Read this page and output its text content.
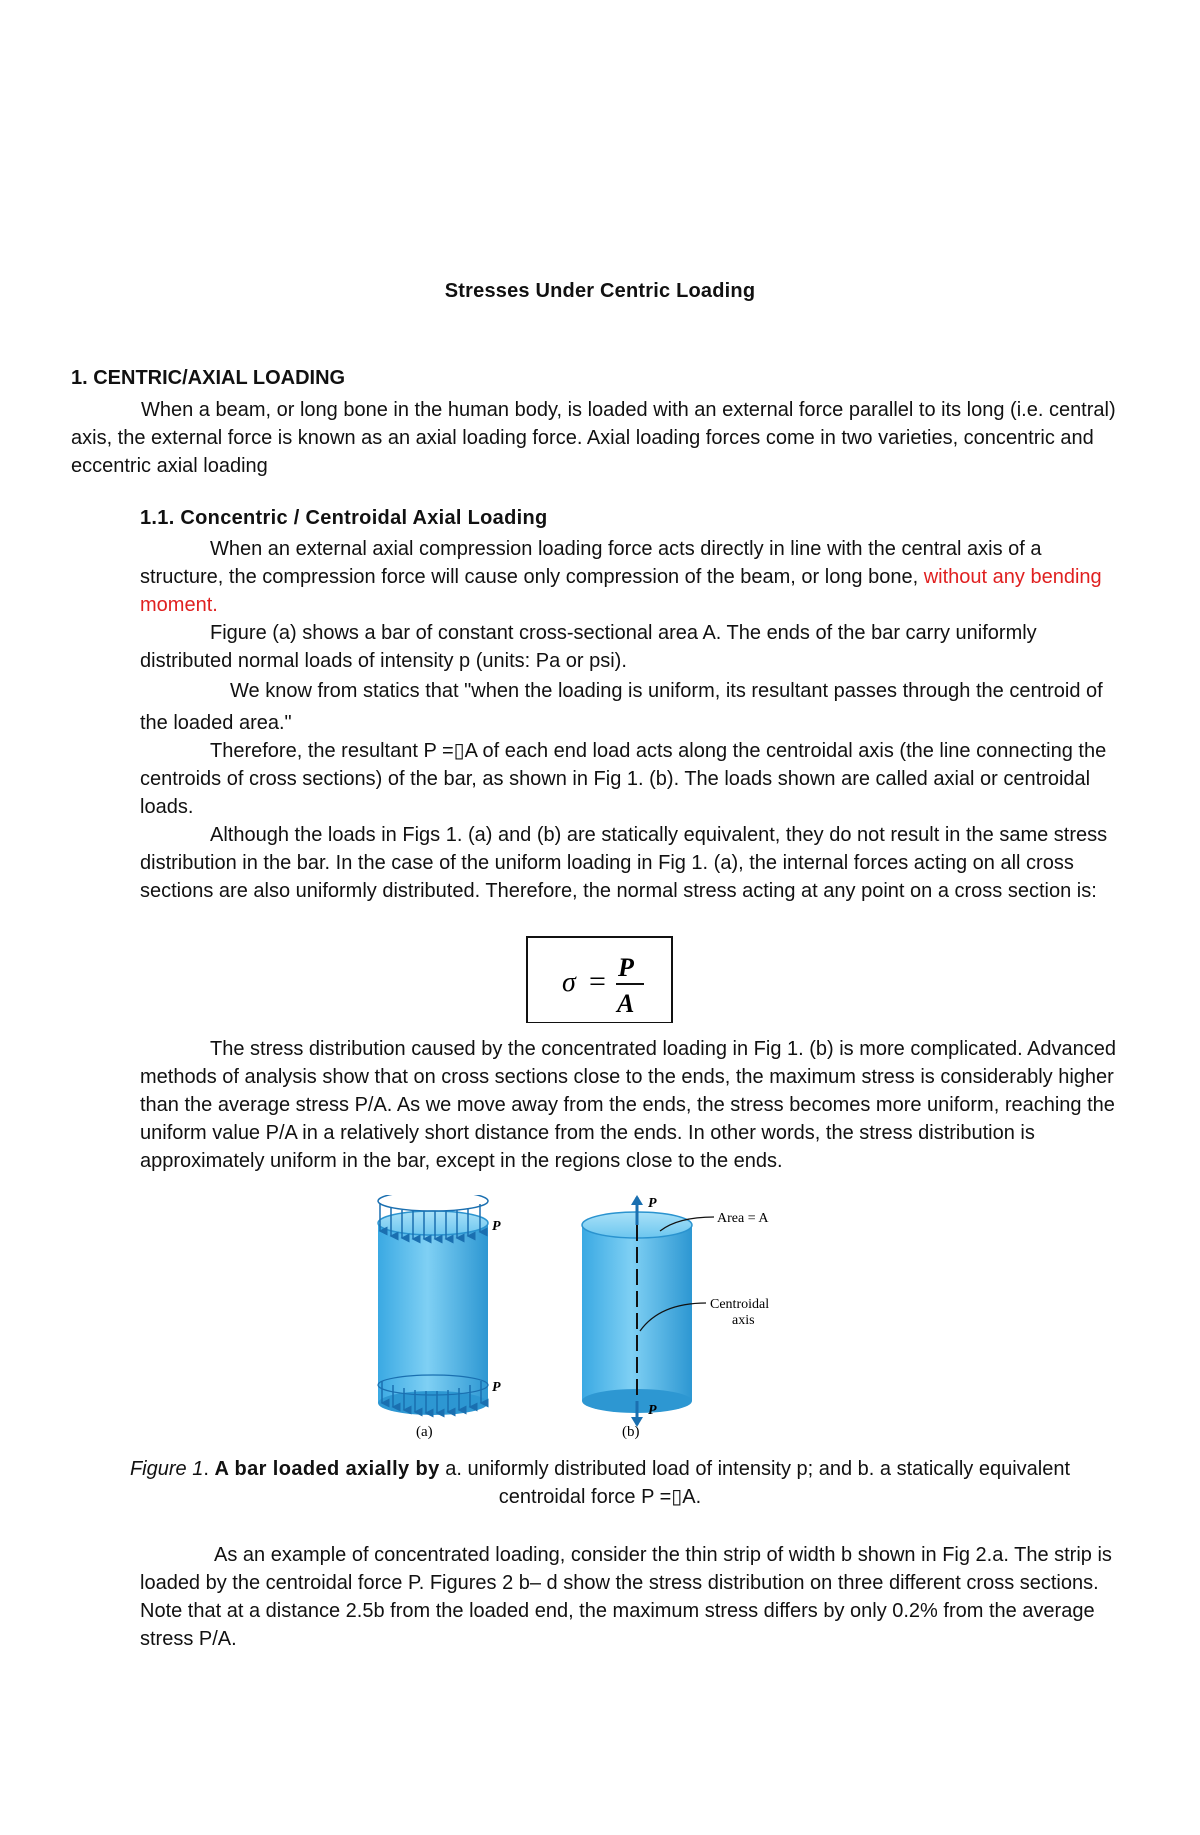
Stresses Under Centric Loading
1. CENTRIC/AXIAL LOADING

When a beam, or long bone in the human body, is loaded with an external force parallel to its long (i.e. central) axis, the external force is known as an axial loading force. Axial loading forces come in two varieties, concentric and eccentric axial loading

1.1. Concentric / Centroidal Axial Loading

When an external axial compression loading force acts directly in line with the central axis of a structure, the compression force will cause only compression of the beam, or long bone, without any bending moment.

Figure (a) shows a bar of constant cross-sectional area A. The ends of the bar carry uniformly distributed normal loads of intensity p (units: Pa or psi).

We know from statics that "when the loading is uniform, its resultant passes through the centroid of the loaded area."

Therefore, the resultant P =▯A of each end load acts along the centroidal axis (the line connecting the centroids of cross sections) of the bar, as shown in Fig 1. (b). The loads shown are called axial or centroidal loads.

Although the loads in Figs 1. (a) and (b) are statically equivalent, they do not result in the same stress distribution in the bar. In the case of the uniform loading in Fig 1. (a), the internal forces acting on all cross sections are also uniformly distributed. Therefore, the normal stress acting at any point on a cross section is:

σ = P
A

The stress distribution caused by the concentrated loading in Fig 1. (b) is more complicated. Advanced methods of analysis show that on cross sections close to the ends, the maximum stress is considerably higher than the average stress P/A. As we move away from the ends, the stress becomes more uniform, reaching the uniform value P/A in a relatively short distance from the ends. In other words, the stress distribution is approximately uniform in the bar, except in the regions close to the ends.

P
P
(a)
P
P
Area = A
Centroidal
axis
(b)
Figure 1. A bar loaded axially by a. uniformly distributed load of intensity p; and b. a statically equivalent
centroidal force P =▯A.

As an example of concentrated loading, consider the thin strip of width b shown in Fig 2.a. The strip is loaded by the centroidal force P. Figures 2 b– d show the stress distribution on three different cross sections. Note that at a distance 2.5b from the loaded end, the maximum stress differs by only 0.2% from the average stress P/A.
